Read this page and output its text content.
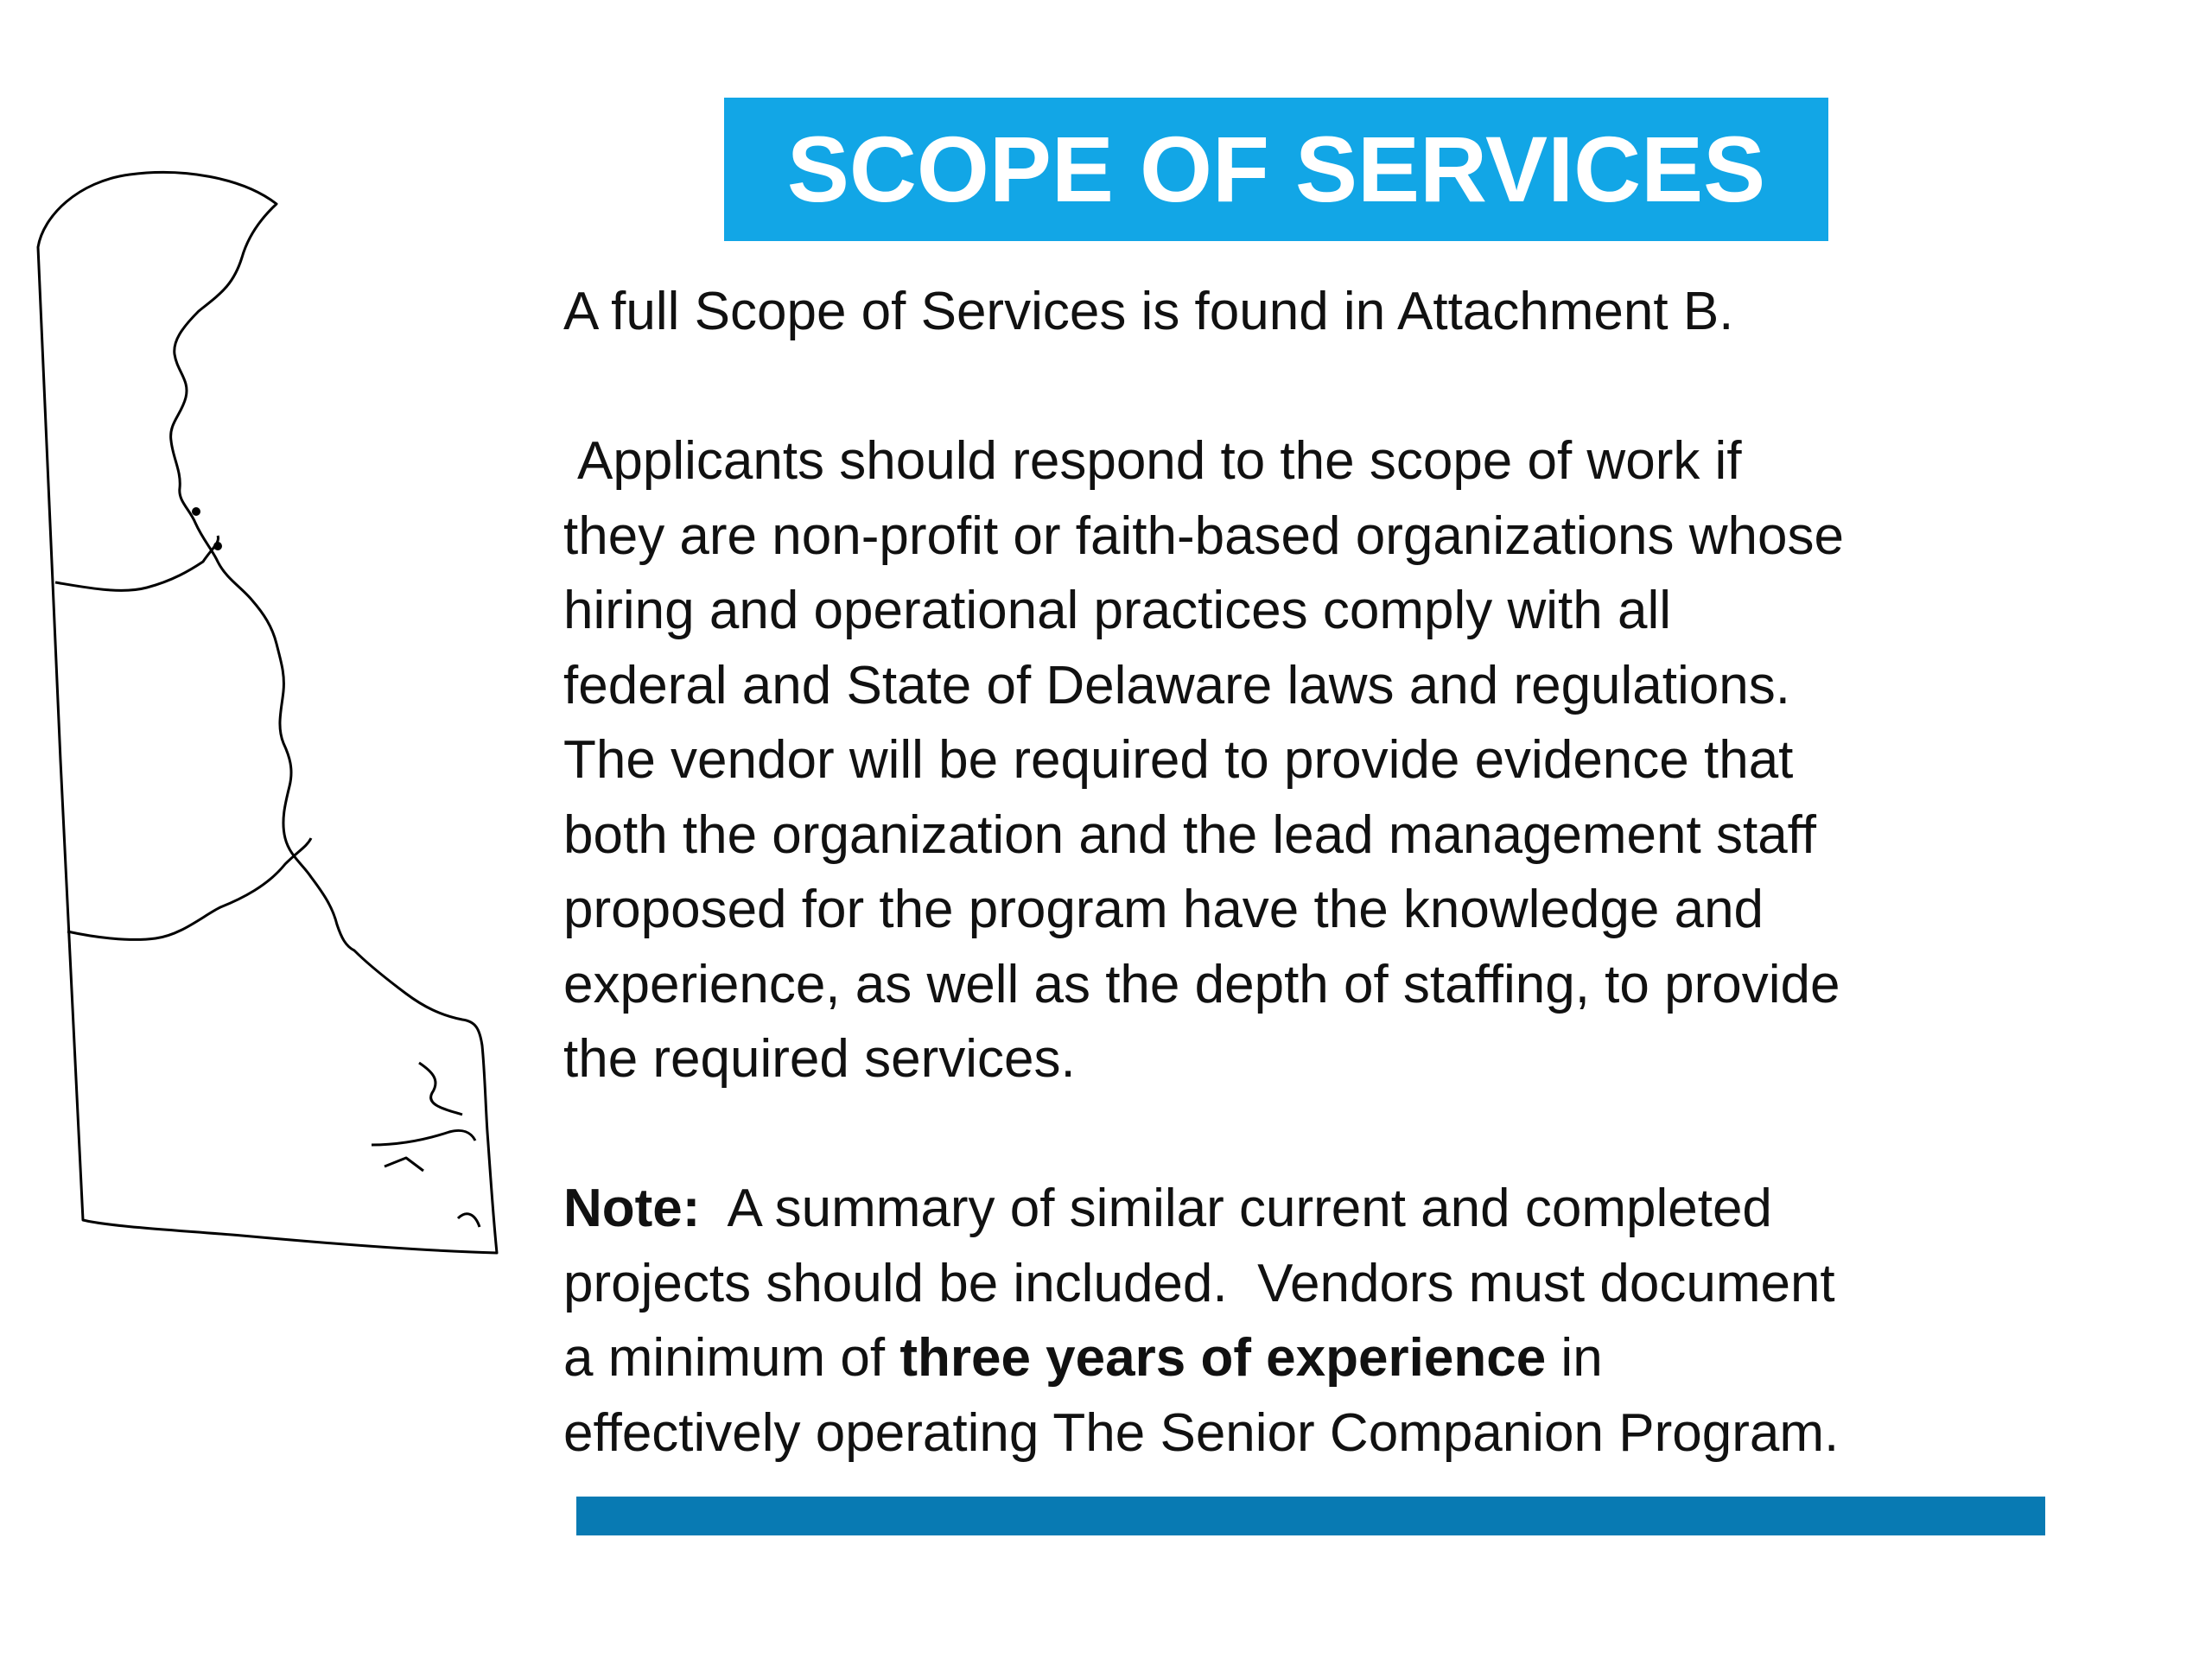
SCOPE OF SERVICES

A full Scope of Services is found in Attachment B.

Applicants should respond to the scope of work if

they are non-profit or faith-based organizations whose

hiring and operational practices comply with all

federal and State of Delaware laws and regulations.

The vendor will be required to provide evidence that

both the organization and the lead management staff

proposed for the program have the knowledge and

experience, as well as the depth of staffing, to provide

the required services.

Note:  A summary of similar current and completed

projects should be included.  Vendors must document

a minimum of three years of experience in

effectively operating The Senior Companion Program.
